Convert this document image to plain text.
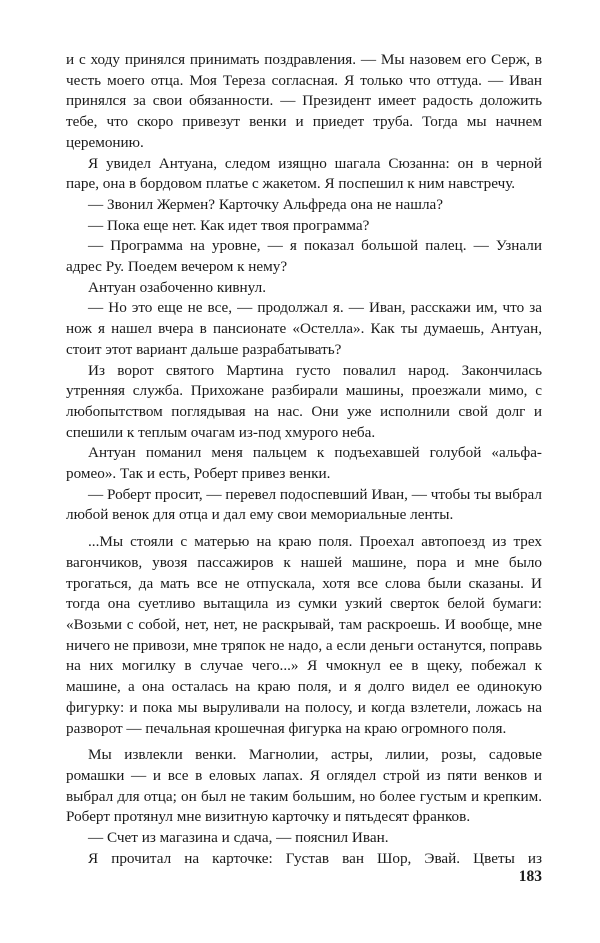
и с ходу принялся принимать поздравления. — Мы назовем его Серж, в честь моего отца. Моя Тереза согласная. Я только что оттуда. — Иван принялся за свои обязанности. — Президент имеет радость доложить тебе, что скоро привезут венки и приедет труба. Тогда мы начнем церемонию.

Я увидел Антуана, следом изящно шагала Сюзанна: он в черной паре, она в бордовом платье с жакетом. Я поспешил к ним навстречу.

— Звонил Жермен? Карточку Альфреда она не нашла?

— Пока еще нет. Как идет твоя программа?

— Программа на уровне, — я показал большой палец. — Узнали адрес Ру. Поедем вечером к нему?

Антуан озабоченно кивнул.

— Но это еще не все, — продолжал я. — Иван, расскажи им, что за нож я нашел вчера в пансионате «Остелла». Как ты думаешь, Антуан, стоит этот вариант дальше разрабатывать?

Из ворот святого Мартина густо повалил народ. Закончилась утренняя служба. Прихожане разбирали машины, проезжали мимо, с любопытством поглядывая на нас. Они уже исполнили свой долг и спешили к теплым очагам из-под хмурого неба.

Антуан поманил меня пальцем к подъехавшей голубой «альфа-ромео». Так и есть, Роберт привез венки.

— Роберт просит, — перевел подоспевший Иван, — чтобы ты выбрал любой венок для отца и дал ему свои мемориальные ленты.

...Мы стояли с матерью на краю поля. Проехал автопоезд из трех вагончиков, увозя пассажиров к нашей машине, пора и мне было трогаться, да мать все не отпускала, хотя все слова были сказаны. И тогда она суетливо вытащила из сумки узкий сверток белой бумаги: «Возьми с собой, нет, нет, не раскрывай, там раскроешь. И вообще, мне ничего не привози, мне тряпок не надо, а если деньги останутся, поправь на них могилку в случае чего...» Я чмокнул ее в щеку, побежал к машине, а она осталась на краю поля, и я долго видел ее одинокую фигурку: и пока мы выруливали на полосу, и когда взлетели, ложась на разворот — печальная крошечная фигурка на краю огромного поля.

Мы извлекли венки. Магнолии, астры, лилии, розы, садовые ромашки — и все в еловых лапах. Я оглядел строй из пяти венков и выбрал для отца; он был не таким большим, но более густым и крепким. Роберт протянул мне визитную карточку и пятьдесят франков.

— Счет из магазина и сдача, — пояснил Иван.

Я прочитал на карточке: Густав ван Шор, Эвай. Цветы из

183
